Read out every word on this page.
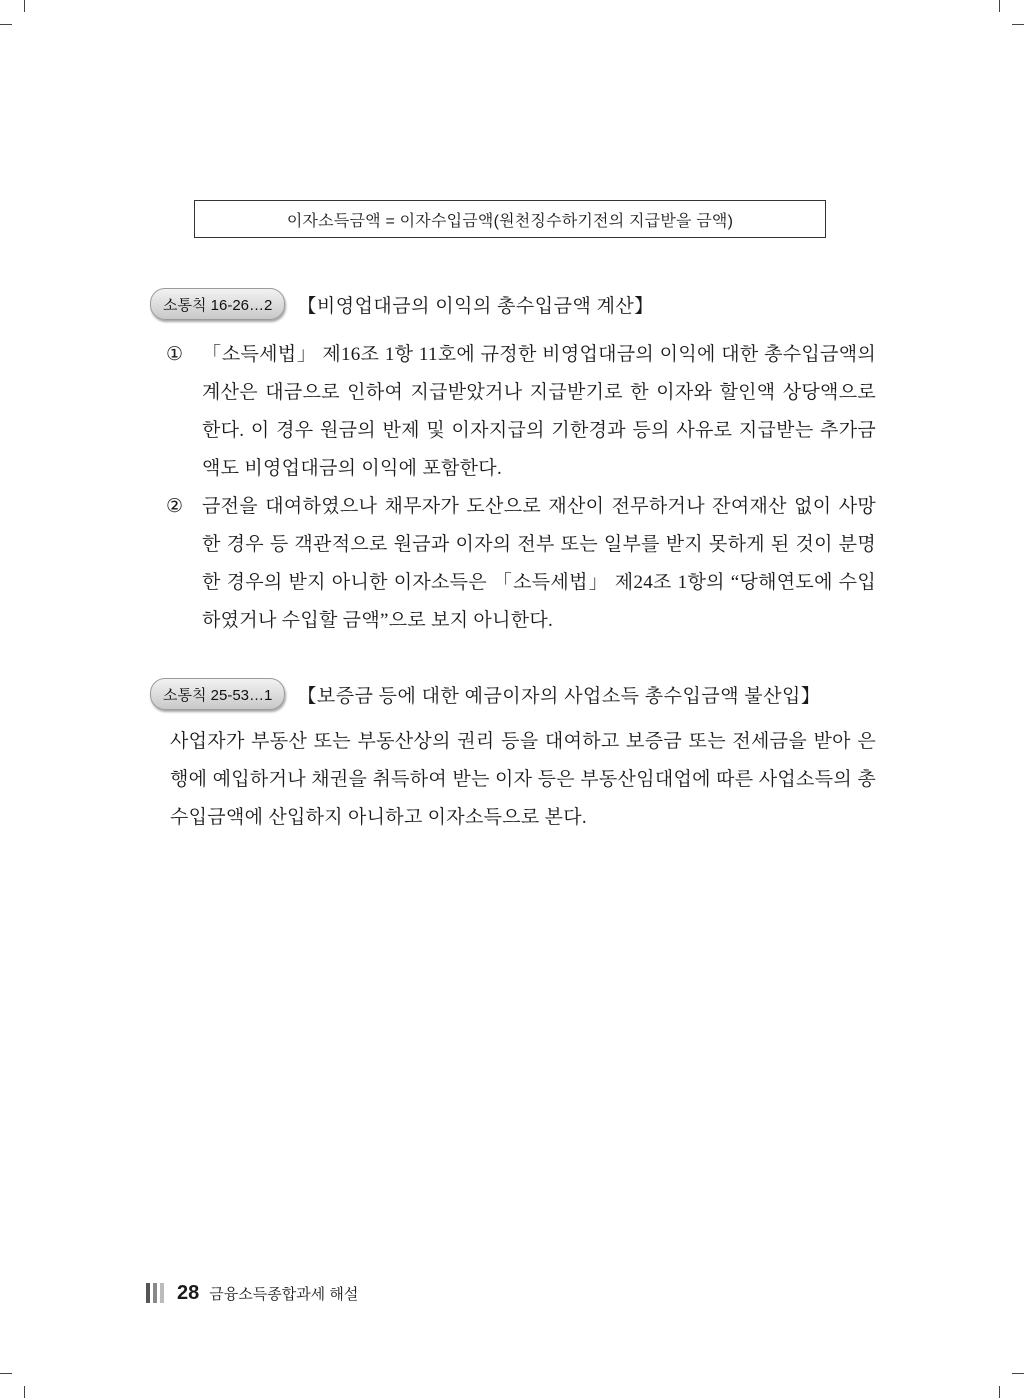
이자소득금액 = 이자수입금액(원천징수하기전의 지급받을 금액)
소통칙 16-26…2	【비영업대금의 이익의 총수입금액 계산】
① 「소득세법」 제16조 1항 11호에 규정한 비영업대금의 이익에 대한 총수입금액의 계산은 대금으로 인하여 지급받았거나 지급받기로 한 이자와 할인액 상당액으로 한다. 이 경우 원금의 반제 및 이자지급의 기한경과 등의 사유로 지급받는 추가금액도 비영업대금의 이익에 포함한다.
② 금전을 대여하였으나 채무자가 도산으로 재산이 전무하거나 잔여재산 없이 사망한 경우 등 객관적으로 원금과 이자의 전부 또는 일부를 받지 못하게 된 것이 분명한 경우의 받지 아니한 이자소득은 「소득세법」 제24조 1항의 “당해연도에 수입하였거나 수입할 금액”으로 보지 아니한다.
소통칙 25-53…1	【보증금 등에 대한 예금이자의 사업소득 총수입금액 불산입】
사업자가 부동산 또는 부동산상의 권리 등을 대여하고 보증금 또는 전세금을 받아 은행에 예입하거나 채권을 취득하여 받는 이자 등은 부동산임대업에 따른 사업소득의 총수입금액에 산입하지 아니하고 이자소득으로 본다.
28 금융소득종합과세 해설
